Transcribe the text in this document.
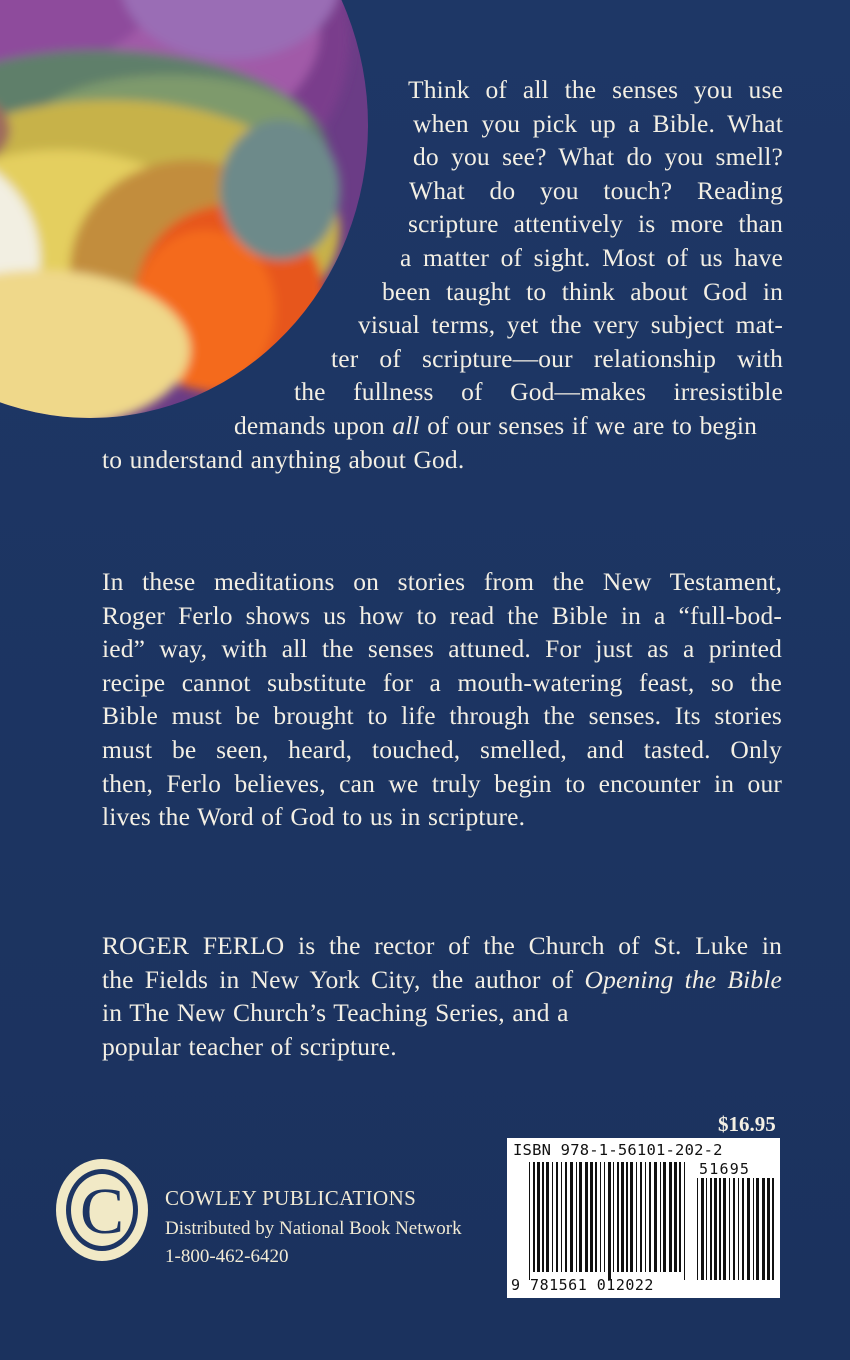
Think of all the senses you use
when you pick up a Bible. What
do you see? What do you smell?
What do you touch? Reading
scripture attentively is more than
a matter of sight. Most of us have
been taught to think about God in
visual terms, yet the very subject mat-
ter of scripture—our relationship with
the fullness of God—makes irresistible
demands upon all of our senses if we are to begin
to understand anything about God.
In these meditations on stories from the New Testament,
Roger Ferlo shows us how to read the Bible in a “full-bod-
ied” way, with all the senses attuned. For just as a printed
recipe cannot substitute for a mouth-watering feast, so the
Bible must be brought to life through the senses. Its stories
must be seen, heard, touched, smelled, and tasted. Only
then, Ferlo believes, can we truly begin to encounter in our
lives the Word of God to us in scripture.
ROGER FERLO is the rector of the Church of St. Luke in
the Fields in New York City, the author of Opening the Bible
in The New Church’s Teaching Series, and a
popular teacher of scripture.
C COWLEY PUBLICATIONS
Distributed by National Book Network
1-800-462-6420
$16.95
ISBN 978-1-56101-202-2
51695
9 781561 012022
